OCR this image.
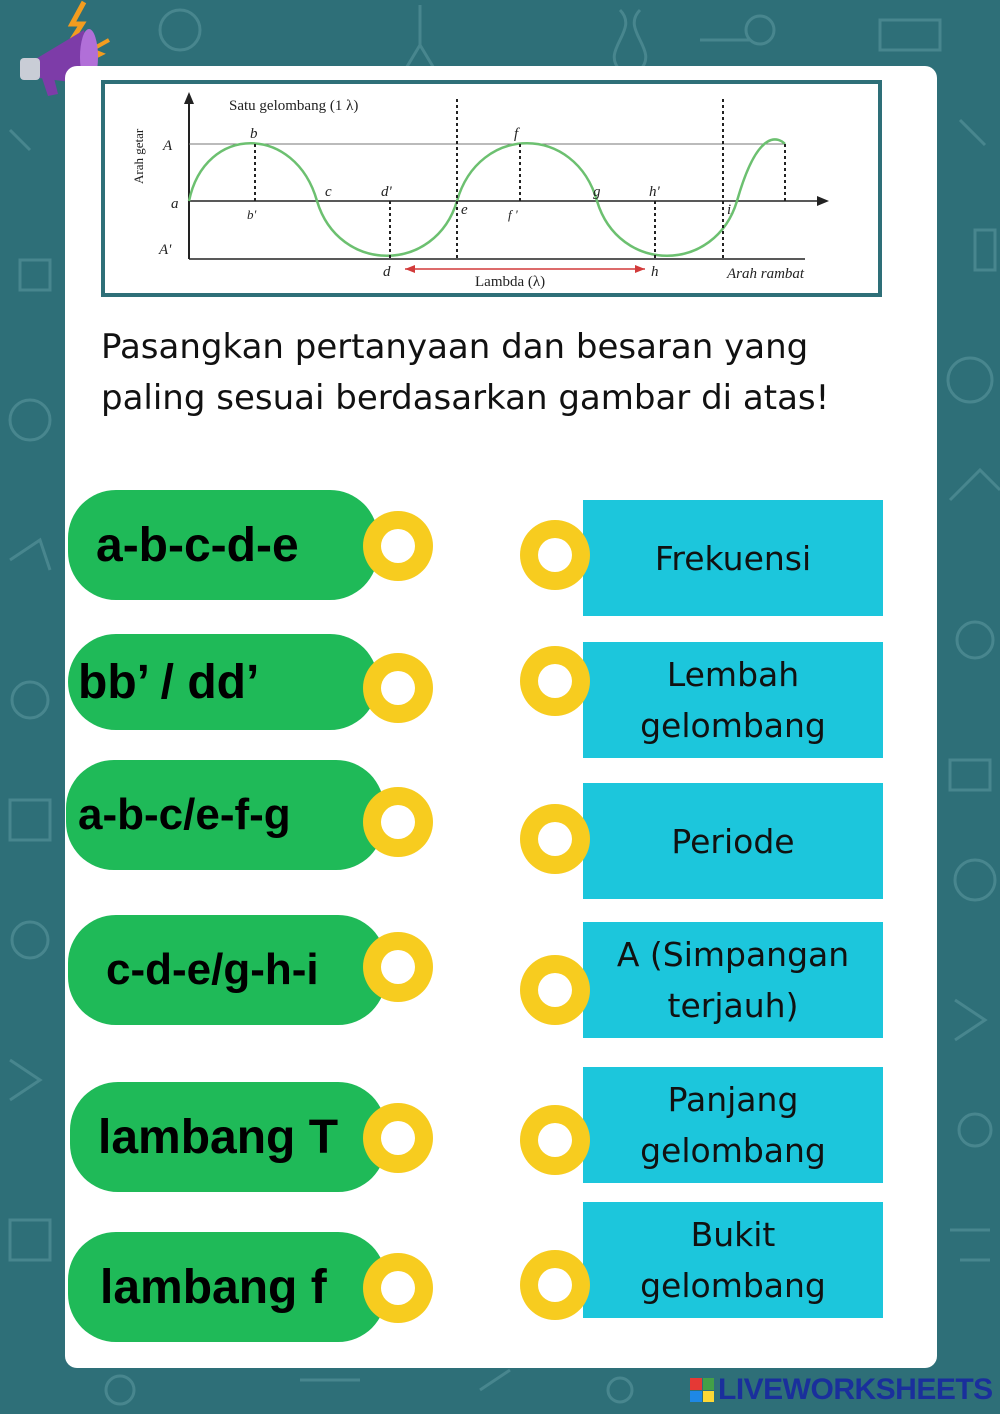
Satu gelombang (1 λ)
Arah getar A
a
A'
b
b'
c	d'
d
e
f
f '
g	h'
h
i
Lambda (λ)	Arah rambat
Pasangkan pertanyaan dan besaran yang paling sesuai berdasarkan gambar di atas!
a-b-c-d-e
bb’ / dd’
a-b-c/e-f-g
c-d-e/g-h-i
lambang T
lambang f
Frekuensi
Lembah
gelombang
Periode
A (Simpangan
terjauh)
Panjang
gelombang
Bukit
gelombang
LIVEWORKSHEETS
